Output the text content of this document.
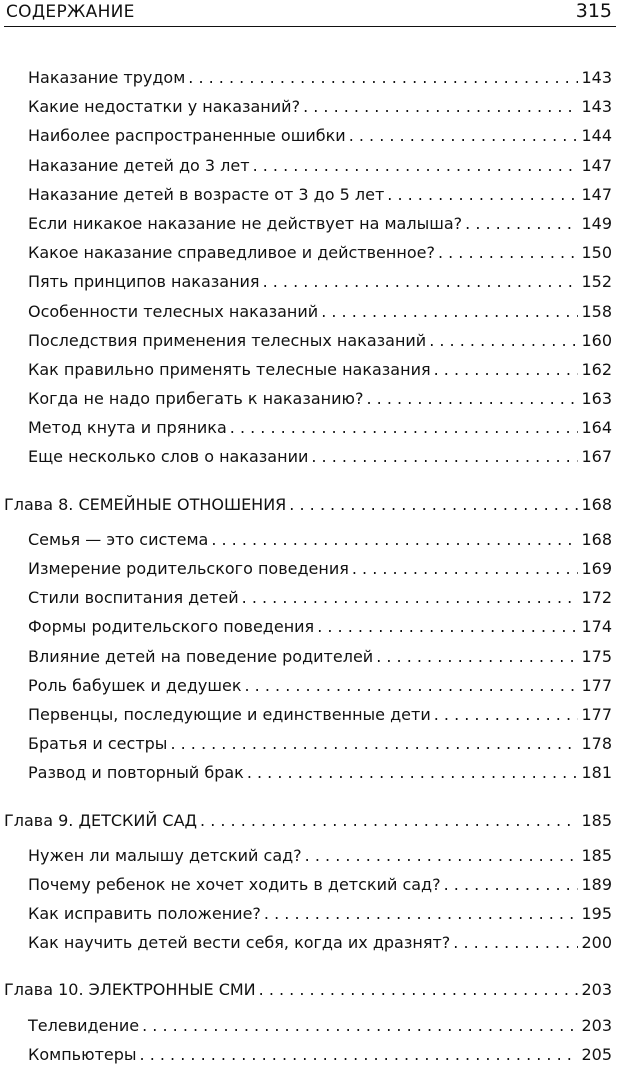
СОДЕРЖАНИЕ	315
Наказание трудом . . .	143
Какие недостатки у наказаний? . . .	143
Наиболее распространенные ошибки . . .	144
Наказание детей до 3 лет . . .	147
Наказание детей в возрасте от 3 до 5 лет . . .	147
Если никакое наказание не действует на малыша? . . .	149
Какое наказание справедливое и действенное? . . .	150
Пять принципов наказания . . .	152
Особенности телесных наказаний . . .	158
Последствия применения телесных наказаний . . .	160
Как правильно применять телесные наказания . . .	162
Когда не надо прибегать к наказанию? . . .	163
Метод кнута и пряника . . .	164
Еще несколько слов о наказании . . .	167
Глава 8. СЕМЕЙНЫЕ ОТНОШЕНИЯ . . .	168
Семья — это система . . .	168
Измерение родительского поведения . . .	169
Стили воспитания детей . . .	172
Формы родительского поведения . . .	174
Влияние детей на поведение родителей . . .	175
Роль бабушек и дедушек . . .	177
Первенцы, последующие и единственные дети . . .	177
Братья и сестры . . .	178
Развод и повторный брак . . .	181
Глава 9. ДЕТСКИЙ САД . . .	185
Нужен ли малышу детский сад? . . .	185
Почему ребенок не хочет ходить в детский сад? . . .	189
Как исправить положение? . . .	195
Как научить детей вести себя, когда их дразнят? . . .	200
Глава 10. ЭЛЕКТРОННЫЕ СМИ . . .	203
Телевидение . . .	203
Компьютеры . . .	205
